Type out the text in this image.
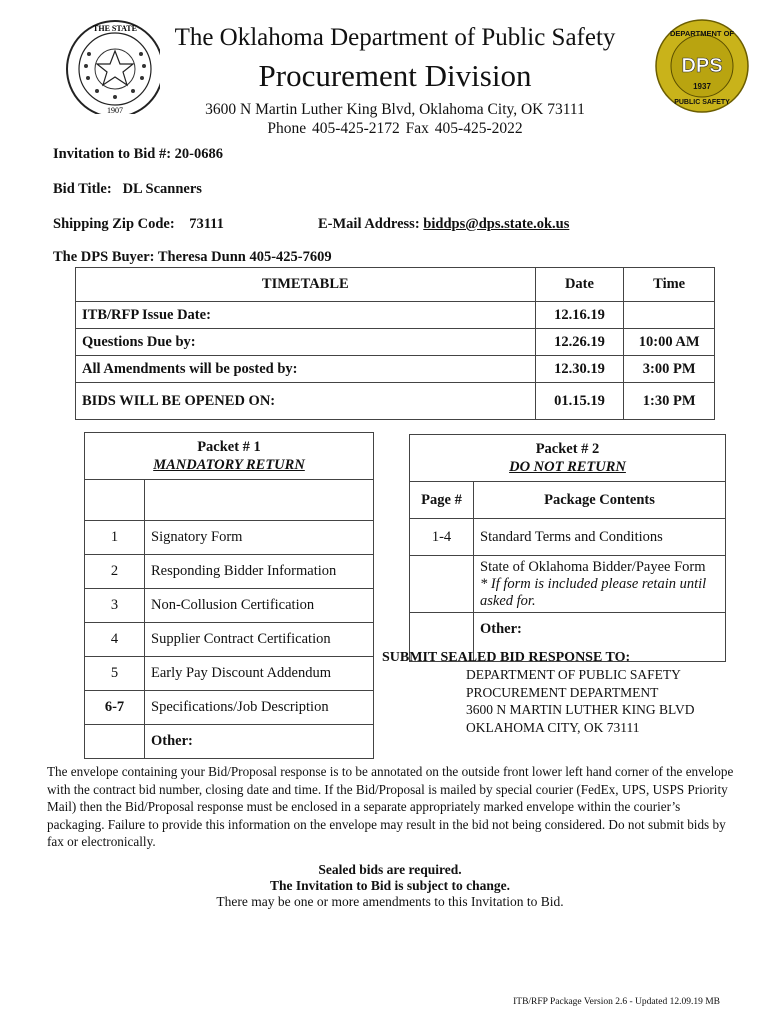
THE STATE
1907
DEPARTMENT OF
PUBLIC SAFETY
DPS
1937
The Oklahoma Department of Public Safety
Procurement Division
3600 N Martin Luther King Blvd, Oklahoma City, OK 73111
Phone 405-425-2172 Fax 405-425-2022
Invitation to Bid #: 20-0686
Bid Title: DL Scanners
Shipping Zip Code: 73111	E-Mail Address: biddps@dps.state.ok.us
The DPS Buyer: Theresa Dunn 405-425-7609
TIMETABLE	Date	Time
ITB/RFP Issue Date:	12.16.19	
Questions Due by:	12.26.19	10:00 AM
All Amendments will be posted by:	12.30.19	3:00 PM
BIDS WILL BE OPENED ON:	01.15.19	1:30 PM
Packet # 1
MANDATORY RETURN	

1	Signatory Form
2	Responding Bidder Information
3	Non-Collusion Certification
4	Supplier Contract Certification
5	Early Pay Discount Addendum
6-7	Specifications/Job Description
	Other:
Packet # 2
DO NOT RETURN	

Page #	Package Contents
1-4	Standard Terms and Conditions

	State of Oklahoma Bidder/Payee Form
* If form is included please retain until asked for.

	Other:
SUBMIT SEALED BID RESPONSE TO:
DEPARTMENT OF PUBLIC SAFETY
PROCUREMENT DEPARTMENT
3600 N MARTIN LUTHER KING BLVD
OKLAHOMA CITY, OK 73111
The envelope containing your Bid/Proposal response is to be annotated on the outside front lower left hand corner of the envelope with the contract bid number, closing date and time. If the Bid/Proposal is mailed by special courier (FedEx, UPS, USPS Priority Mail) then the Bid/Proposal response must be enclosed in a separate appropriately marked envelope within the courier’s packaging. Failure to provide this information on the envelope may result in the bid not being considered. Do not submit bids by fax or electronically.
Sealed bids are required.
The Invitation to Bid is subject to change.
There may be one or more amendments to this Invitation to Bid.
ITB/RFP Package Version 2.6 - Updated 12.09.19 MB
